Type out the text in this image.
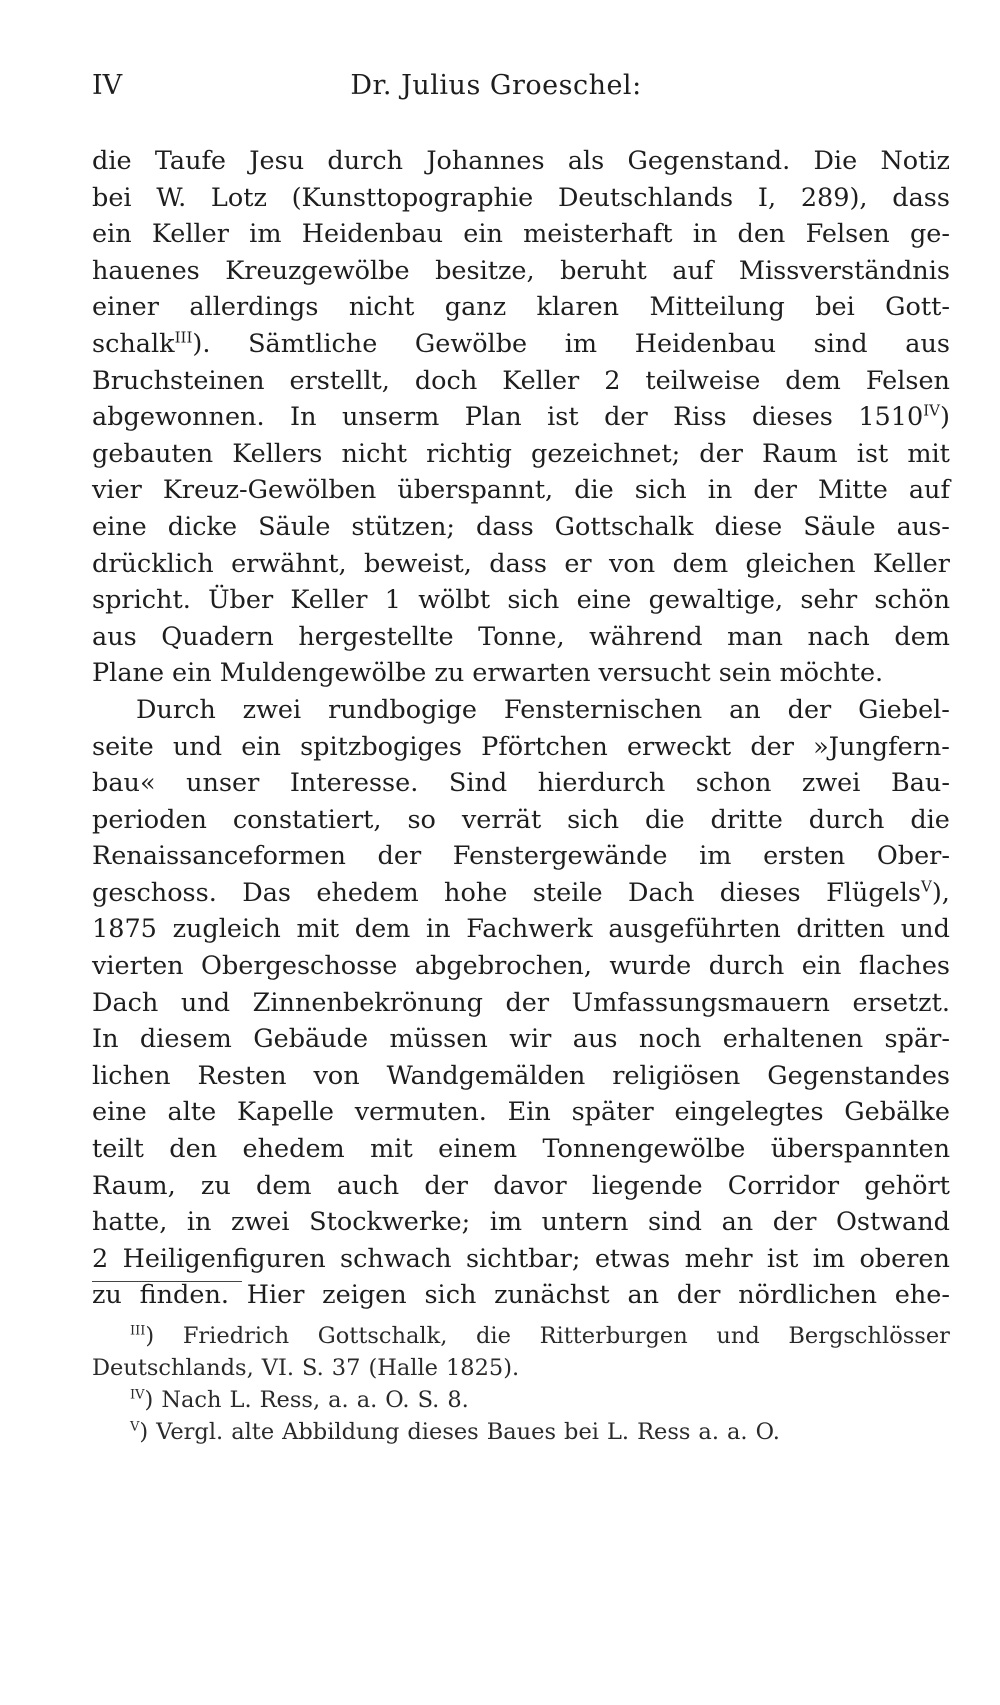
IV	Dr. Julius Groeschel:
die Taufe Jesu durch Johannes als Gegenstand. Die Notiz
bei W. Lotz (Kunsttopographie Deutschlands I, 289), dass
ein Keller im Heidenbau ein meisterhaft in den Felsen ge-
hauenes Kreuzgewölbe besitze, beruht auf Missverständnis
einer allerdings nicht ganz klaren Mitteilung bei Gott-
schalk$^{III}$). Sämtliche Gewölbe im Heidenbau sind aus
Bruchsteinen erstellt, doch Keller 2 teilweise dem Felsen
abgewonnen. In unserm Plan ist der Riss dieses $1510^{IV}$)
gebauten Kellers nicht richtig gezeichnet; der Raum ist mit
vier Kreuz-Gewölben überspannt, die sich in der Mitte auf
eine dicke Säule stützen; dass Gottschalk diese Säule aus-
drücklich erwähnt, beweist, dass er von dem gleichen Keller
spricht. Über Keller 1 wölbt sich eine gewaltige, sehr schön
aus Quadern hergestellte Tonne, während man nach dem
Plane ein Muldengewölbe zu erwarten versucht sein möchte.
Durch zwei rundbogige Fensternischen an der Giebel-
seite und ein spitzbogiges Pförtchen erweckt der »Jungfern-
bau« unser Interesse. Sind hierdurch schon zwei Bau-
perioden constatiert, so verrät sich die dritte durch die
Renaissanceformen der Fenstergewände im ersten Ober-
geschoss. Das ehedem hohe steile Dach dieses Flügels$^V$),
1875 zugleich mit dem in Fachwerk ausgeführten dritten und
vierten Obergeschosse abgebrochen, wurde durch ein flaches
Dach und Zinnenbekrönung der Umfassungsmauern ersetzt.
In diesem Gebäude müssen wir aus noch erhaltenen spär-
lichen Resten von Wandgemälden religiösen Gegenstandes
eine alte Kapelle vermuten. Ein später eingelegtes Gebälke
teilt den ehedem mit einem Tonnengewölbe überspannten
Raum, zu dem auch der davor liegende Corridor gehört
hatte, in zwei Stockwerke; im untern sind an der Ostwand
2 Heiligenfiguren schwach sichtbar; etwas mehr ist im oberen
zu finden. Hier zeigen sich zunächst an der nördlichen ehe-
$^{III}$) Friedrich Gottschalk, die Ritterburgen und Bergschlösser
Deutschlands, VI. S. 37 (Halle 1825).
$^{IV}$) Nach L. Ress, a. a. O. S. 8.
$^V$) Vergl. alte Abbildung dieses Baues bei L. Ress a. a. O.
